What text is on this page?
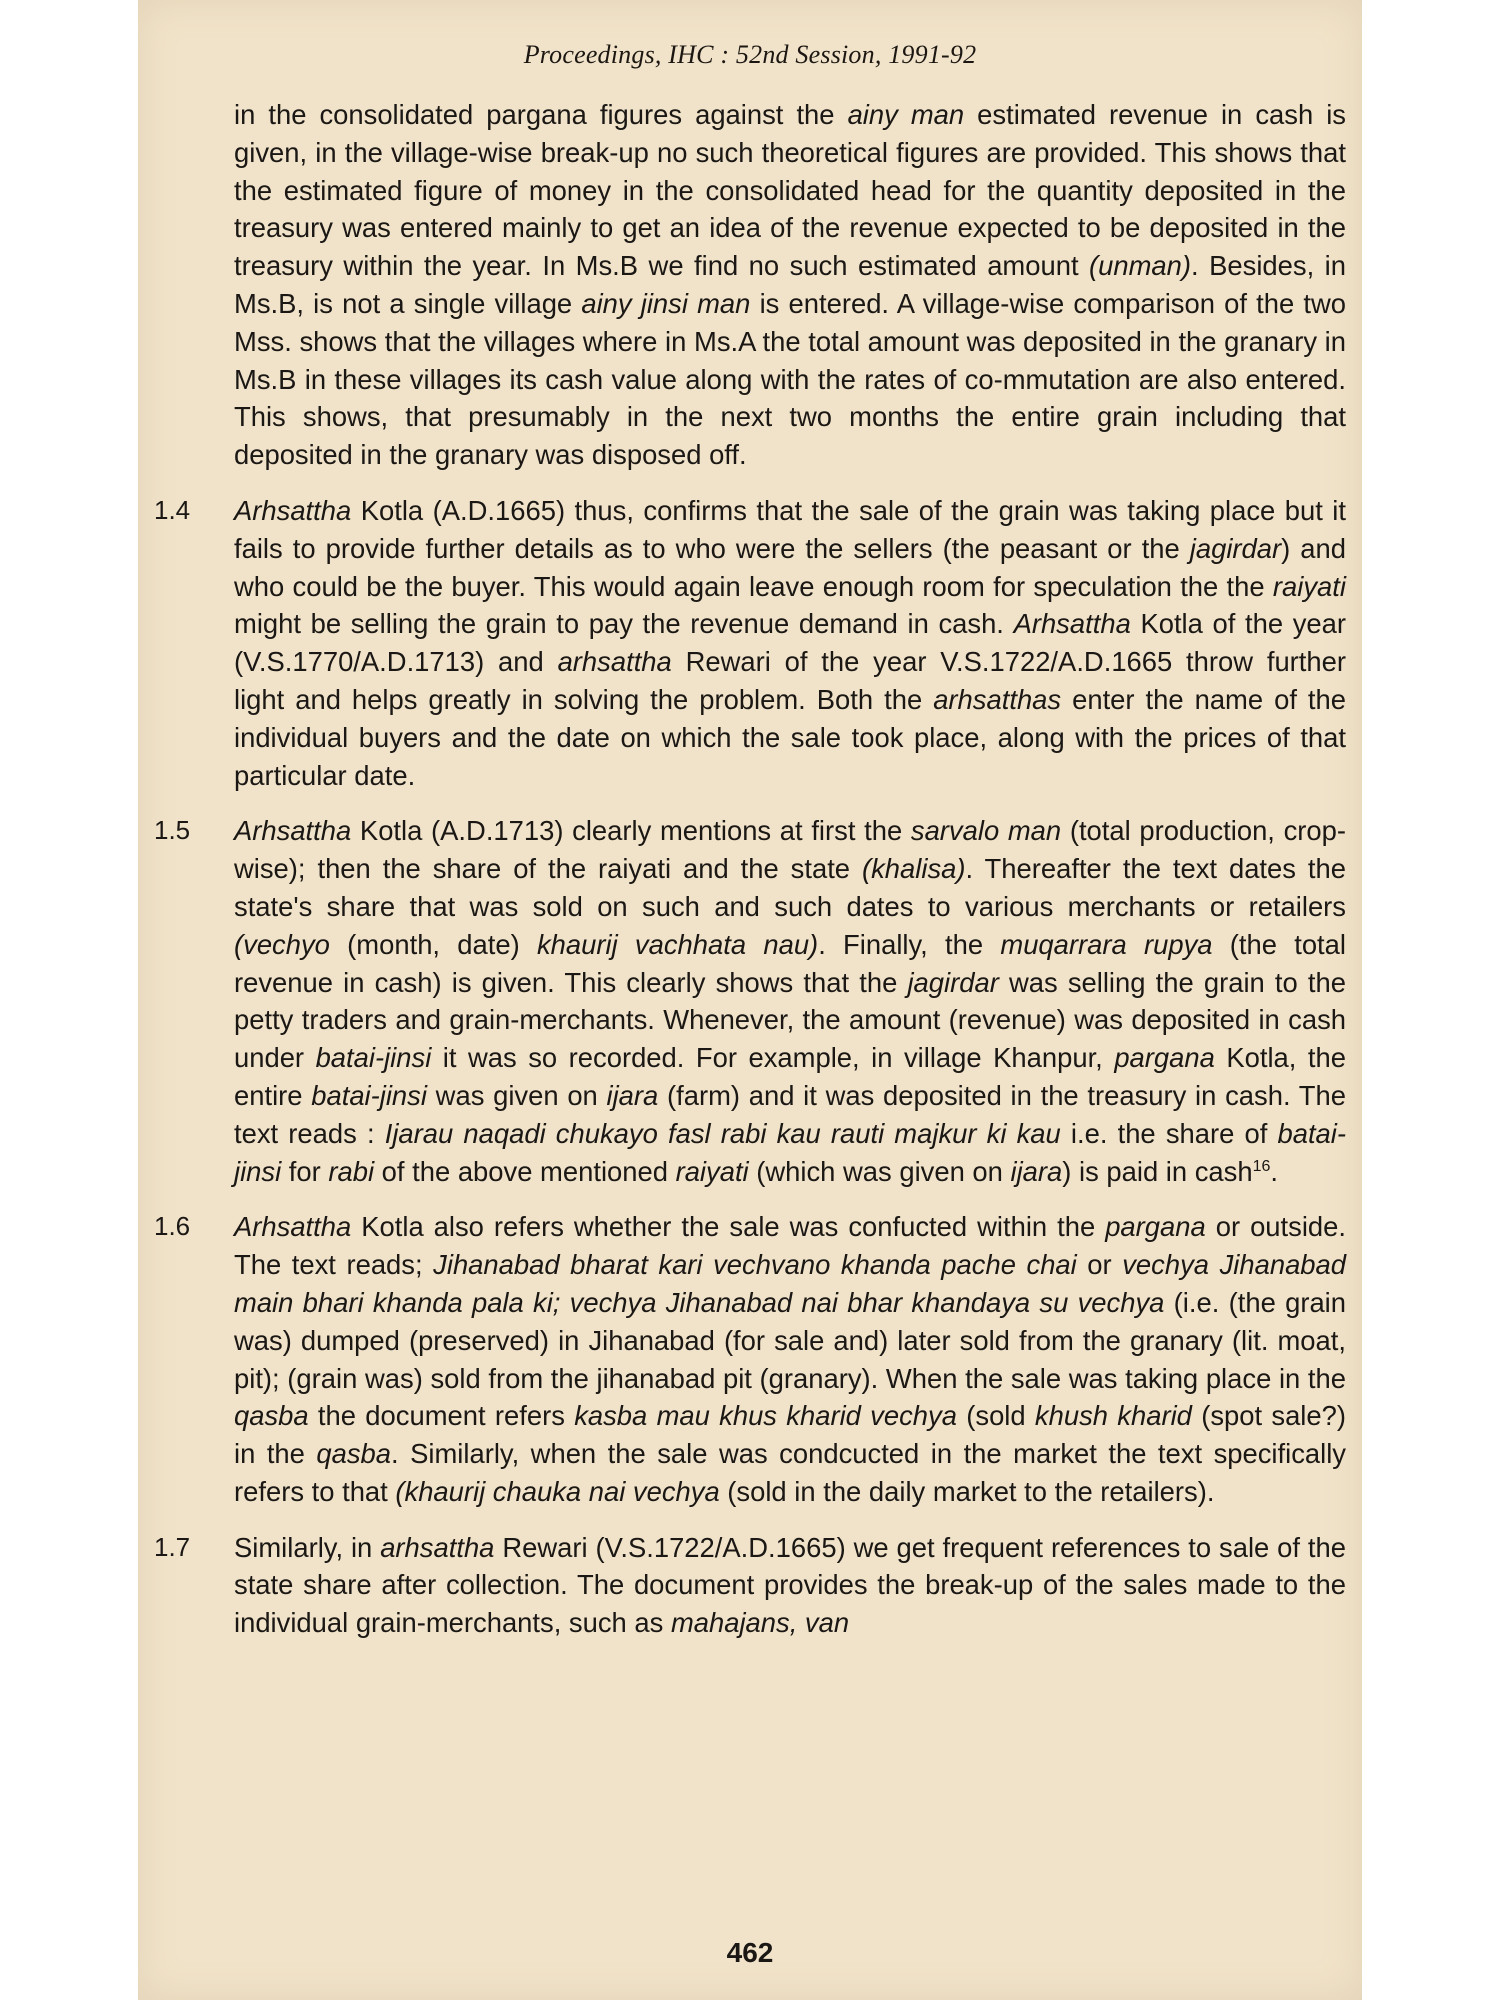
Proceedings, IHC : 52nd Session, 1991-92

in the consolidated pargana figures against the ainy man estimated revenue in cash is given, in the village-wise break-up no such theoretical figures are provided. This shows that the estimated figure of money in the consolidated head for the quantity deposited in the treasury was entered mainly to get an idea of the revenue expected to be deposited in the treasury within the year. In Ms.B we find no such estimated amount (unman). Besides, in Ms.B, is not a single village ainy jinsi man is entered. A village-wise comparison of the two Mss. shows that the villages where in Ms.A the total amount was deposited in the granary in Ms.B in these villages its cash value along with the rates of co-mmutation are also entered. This shows, that presumably in the next two months the entire grain including that deposited in the granary was disposed off.

1.4	Arhsattha Kotla (A.D.1665) thus, confirms that the sale of the grain was taking place but it fails to provide further details as to who were the sellers (the peasant or the jagirdar) and who could be the buyer. This would again leave enough room for speculation the the raiyati might be selling the grain to pay the revenue demand in cash. Arhsattha Kotla of the year (V.S.1770/A.D.1713) and arhsattha Rewari of the year V.S.1722/A.D.1665 throw further light and helps greatly in solving the problem. Both the arhsatthas enter the name of the individual buyers and the date on which the sale took place, along with the prices of that particular date.

1.5	Arhsattha Kotla (A.D.1713) clearly mentions at first the sarvalo man (total production, crop-wise); then the share of the raiyati and the state (khalisa). Thereafter the text dates the state's share that was sold on such and such dates to various merchants or retailers (vechyo (month, date) khaurij vachhata nau). Finally, the muqarrara rupya (the total revenue in cash) is given. This clearly shows that the jagirdar was selling the grain to the petty traders and grain-merchants. Whenever, the amount (revenue) was deposited in cash under batai-jinsi it was so recorded. For example, in village Khanpur, pargana Kotla, the entire batai-jinsi was given on ijara (farm) and it was deposited in the treasury in cash. The text reads : Ijarau naqadi chukayo fasl rabi kau rauti majkur ki kau i.e. the share of batai-jinsi for rabi of the above mentioned raiyati (which was given on ijara) is paid in cash$^{16}$.

1.6	Arhsattha Kotla also refers whether the sale was confucted within the pargana or outside. The text reads; Jihanabad bharat kari vechvano khanda pache chai or vechya Jihanabad main bhari khanda pala ki; vechya Jihanabad nai bhar khandaya su vechya (i.e. (the grain was) dumped (preserved) in Jihanabad (for sale and) later sold from the granary (lit. moat, pit); (grain was) sold from the jihanabad pit (granary). When the sale was taking place in the qasba the document refers kasba mau khus kharid vechya (sold khush kharid (spot sale?) in the qasba. Similarly, when the sale was condcucted in the market the text specifically refers to that (khaurij chauka nai vechya (sold in the daily market to the retailers).

1.7	Similarly, in arhsattha Rewari (V.S.1722/A.D.1665) we get frequent references to sale of the state share after collection. The document provides the break-up of the sales made to the individual grain-merchants, such as mahajans, van

462
